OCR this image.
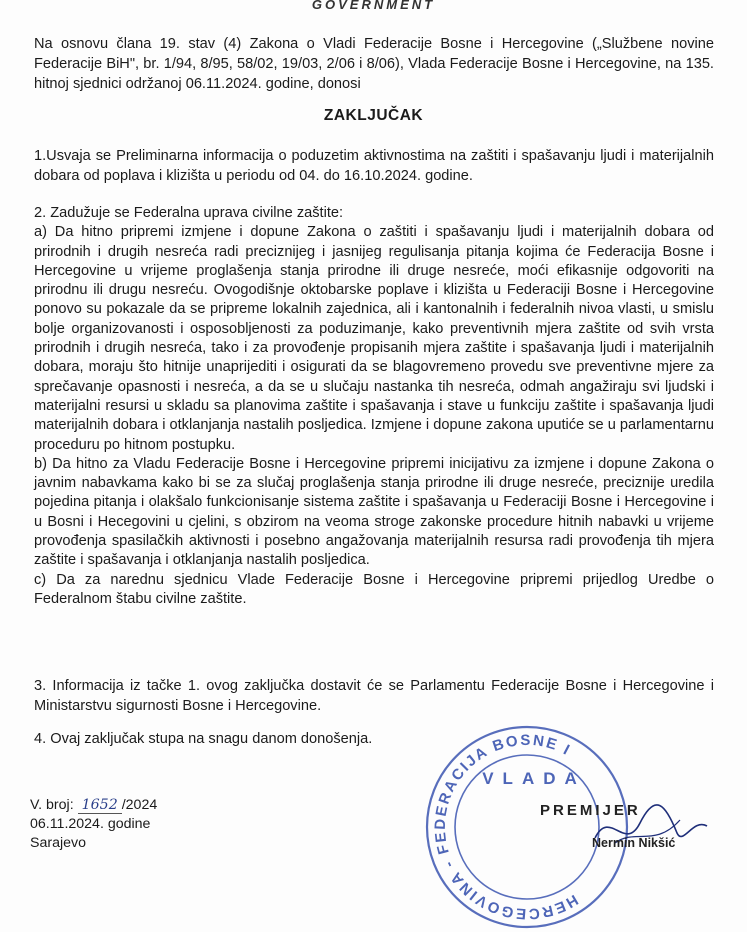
GOVERNMENT
Na osnovu člana 19. stav (4) Zakona o Vladi Federacije Bosne i Hercegovine („Službene novine Federacije BiH", br. 1/94, 8/95, 58/02, 19/03, 2/06 i 8/06), Vlada Federacije Bosne i Hercegovine, na 135. hitnoj sjednici održanoj 06.11.2024. godine, donosi
ZAKLJUČAK
1.Usvaja se Preliminarna informacija o poduzetim aktivnostima na zaštiti i spašavanju ljudi i materijalnih dobara od poplava i klizišta u periodu od 04. do 16.10.2024. godine.

2. Zadužuje se Federalna uprava civilne zaštite:

a) Da hitno pripremi izmjene i dopune Zakona o zaštiti i spašavanju ljudi i materijalnih dobara od prirodnih i drugih nesreća radi preciznijeg i jasnijeg regulisanja pitanja kojima će Federacija Bosne i Hercegovine u vrijeme proglašenja stanja prirodne ili druge nesreće, moći efikasnije odgovoriti na prirodnu ili drugu nesreću. Ovogodišnje oktobarske poplave i klizišta u Federaciji Bosne i Hercegovine ponovo su pokazale da se pripreme lokalnih zajednica, ali i kantonalnih i federalnih nivoa vlasti, u smislu bolje organizovanosti i osposobljenosti za poduzimanje, kako preventivnih mjera zaštite od svih vrsta prirodnih i drugih nesreća, tako i za provođenje propisanih mjera zaštite i spašavanja ljudi i materijalnih dobara, moraju što hitnije unaprijediti i osigurati da se blagovremeno provedu sve preventivne mjere za sprečavanje opasnosti i nesreća, a da se u slučaju nastanka tih nesreća, odmah angažiraju svi ljudski i materijalni resursi u skladu sa planovima zaštite i spašavanja i stave u funkciju zaštite i spašavanja ljudi materijalnih dobara i otklanjanja nastalih posljedica. Izmjene i dopune zakona uputiće se u parlamentarnu proceduru po hitnom postupku.

b) Da hitno za Vladu Federacije Bosne i Hercegovine pripremi inicijativu za izmjene i dopune Zakona o javnim nabavkama kako bi se za slučaj proglašenja stanja prirodne ili druge nesreće, preciznije uredila pojedina pitanja i olakšalo funkcionisanje sistema zaštite i spašavanja u Federaciji Bosne i Hercegovine i u Bosni i Hecegovini u cjelini, s obzirom na veoma stroge zakonske procedure hitnih nabavki u vrijeme provođenja spasilačkih aktivnosti i posebno angažovanja materijalnih resursa radi provođenja tih mjera zaštite i spašavanja i otklanjanja nastalih posljedica.

c) Da za narednu sjednicu Vlade Federacije Bosne i Hercegovine pripremi prijedlog Uredbe o Federalnom štabu civilne zaštite.

3. Informacija iz tačke 1. ovog zaključka dostavit će se Parlamentu Federacije Bosne i Hercegovine i Ministarstvu sigurnosti Bosne i Hercegovine.
4. Ovaj zaključak stupa na snagu danom donošenja.
V. broj: 1652 /2024
06.11.2024. godine
Sarajevo
HERCEGOVINA - FEDERACIJA BOSNE I
VLADA
PREMIJER
Nermin Nikšić
